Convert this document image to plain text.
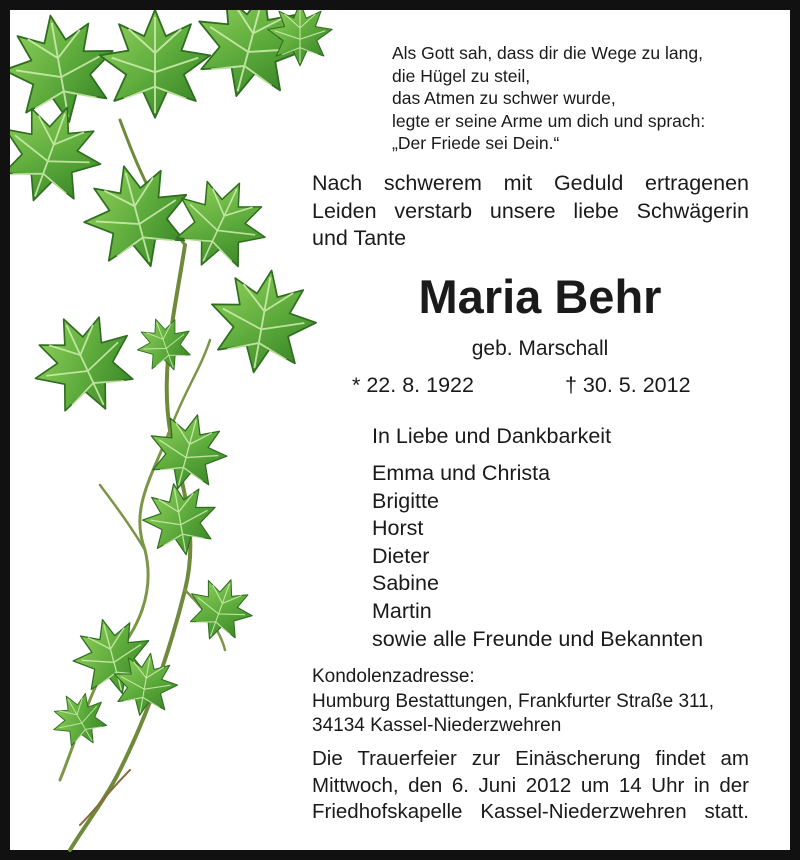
Als Gott sah, dass dir die Wege zu lang,
die Hügel zu steil,
das Atmen zu schwer wurde,
legte er seine Arme um dich und sprach:
„Der Friede sei Dein.“
Nach schwerem mit Geduld ertragenen
Leiden verstarb unsere liebe Schwägerin
und Tante
Maria Behr
geb. Marschall
* 22. 8. 1922	† 30. 5. 2012
In Liebe und Dankbarkeit
Emma und Christa
Brigitte
Horst
Dieter
Sabine
Martin
sowie alle Freunde und Bekannten
Kondolenzadresse:
Humburg Bestattungen, Frankfurter Straße 311,
34134 Kassel-Niederzwehren
Die Trauerfeier zur Einäscherung findet am
Mittwoch, den 6. Juni 2012 um 14 Uhr in der
Friedhofskapelle Kassel-Niederzwehren statt.
